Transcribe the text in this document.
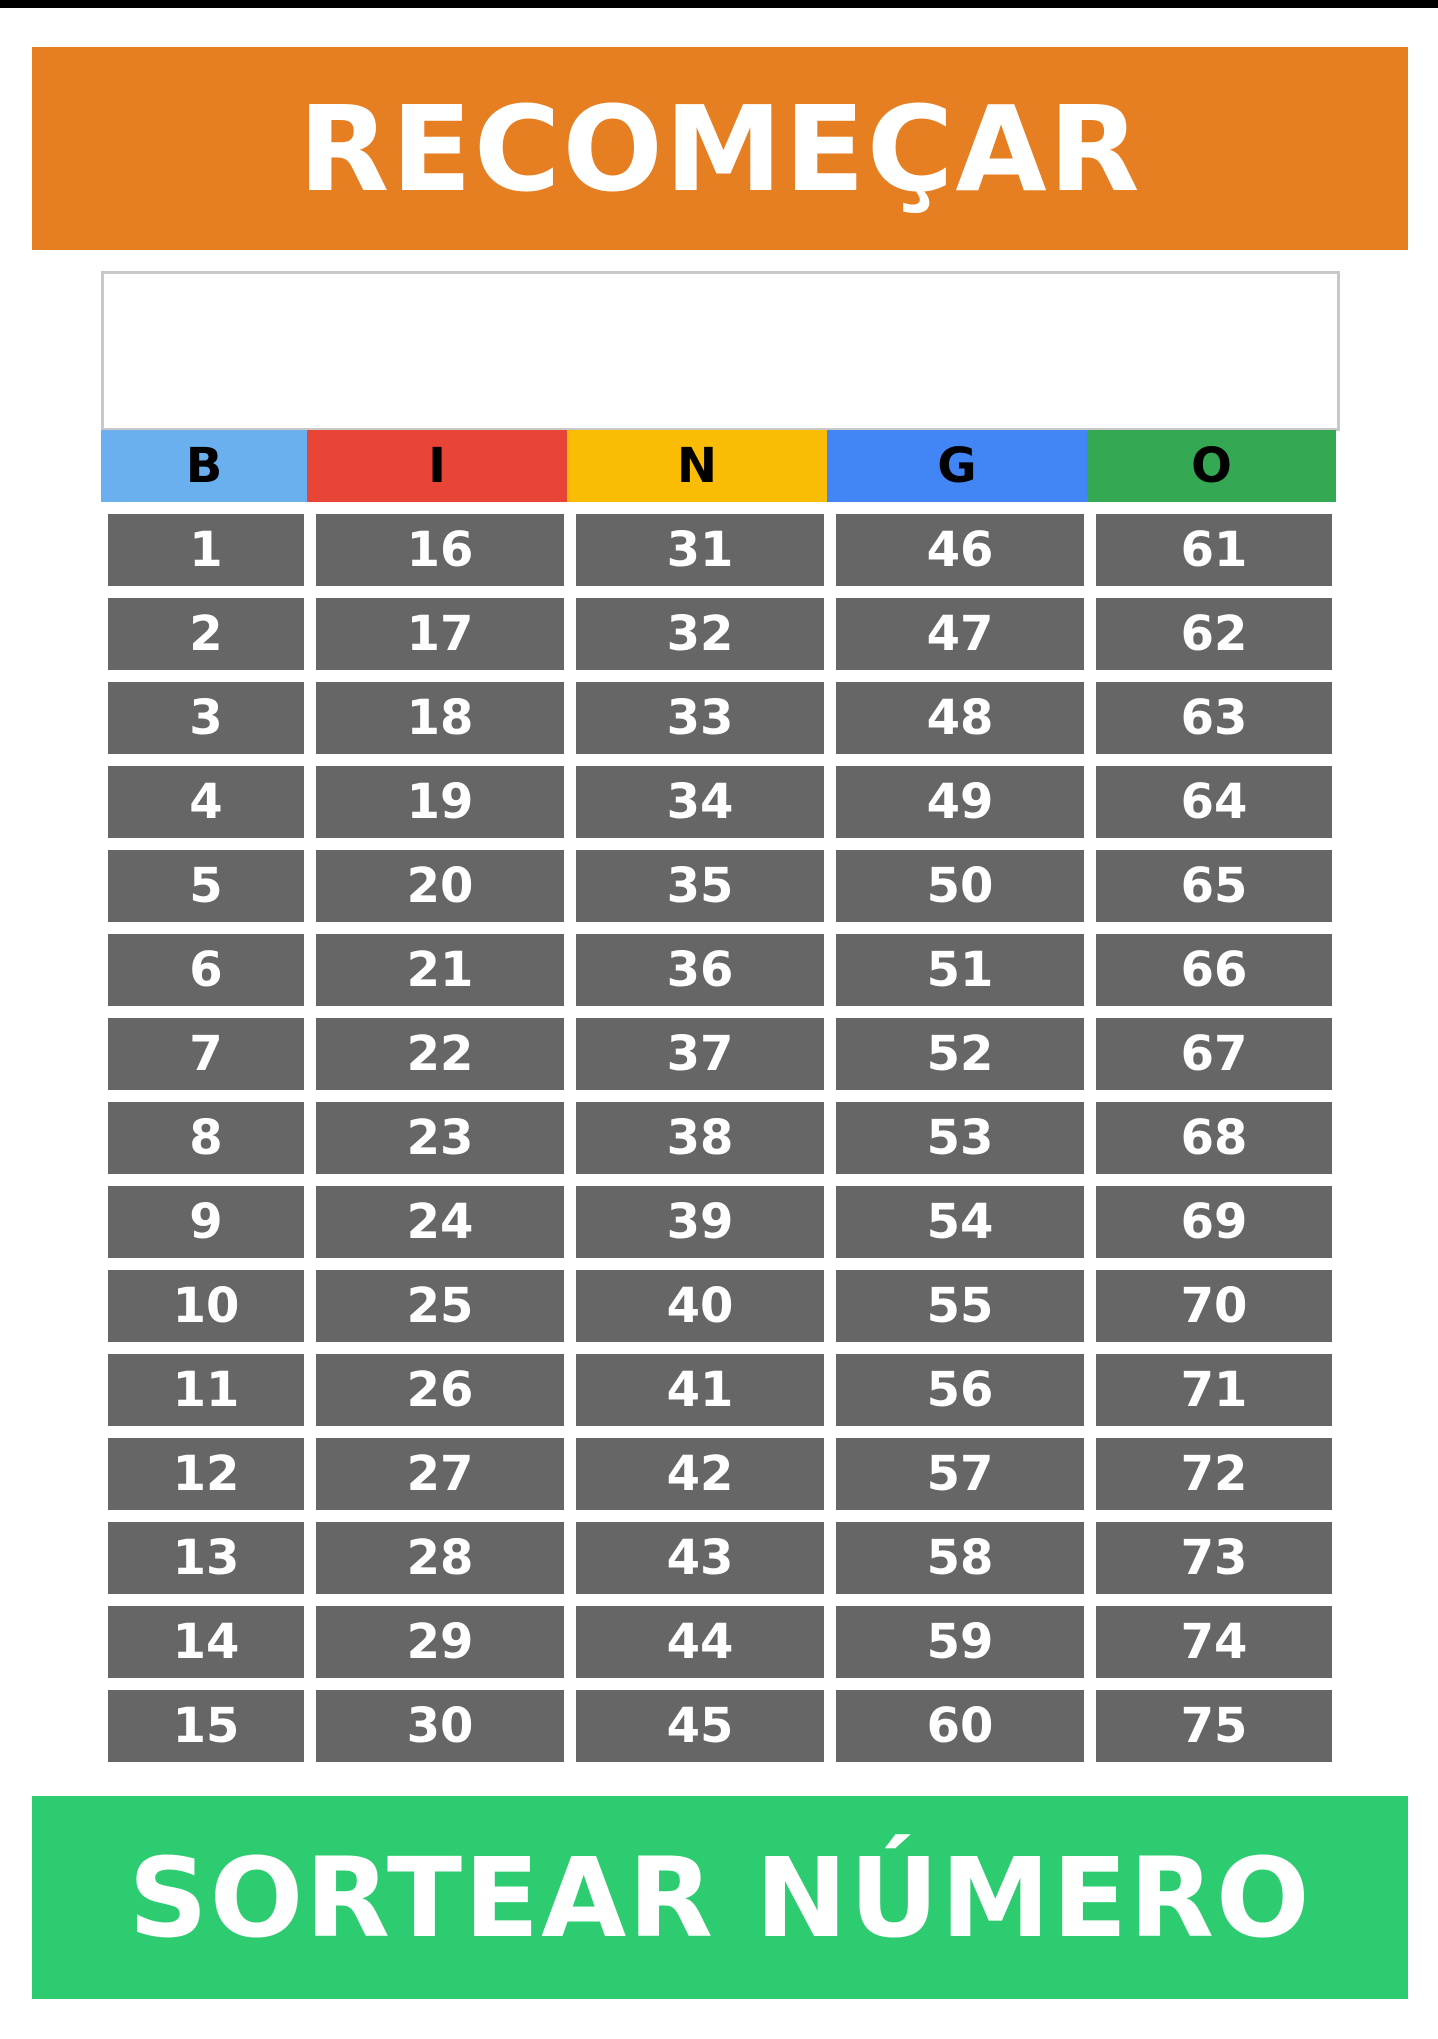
RECOMEÇAR
B	I	N	G	O
1	16	31	46	61
2	17	32	47	62
3	18	33	48	63
4	19	34	49	64
5	20	35	50	65
6	21	36	51	66
7	22	37	52	67
8	23	38	53	68
9	24	39	54	69
10	25	40	55	70
11	26	41	56	71
12	27	42	57	72
13	28	43	58	73
14	29	44	59	74
15	30	45	60	75
SORTEAR NÚMERO
